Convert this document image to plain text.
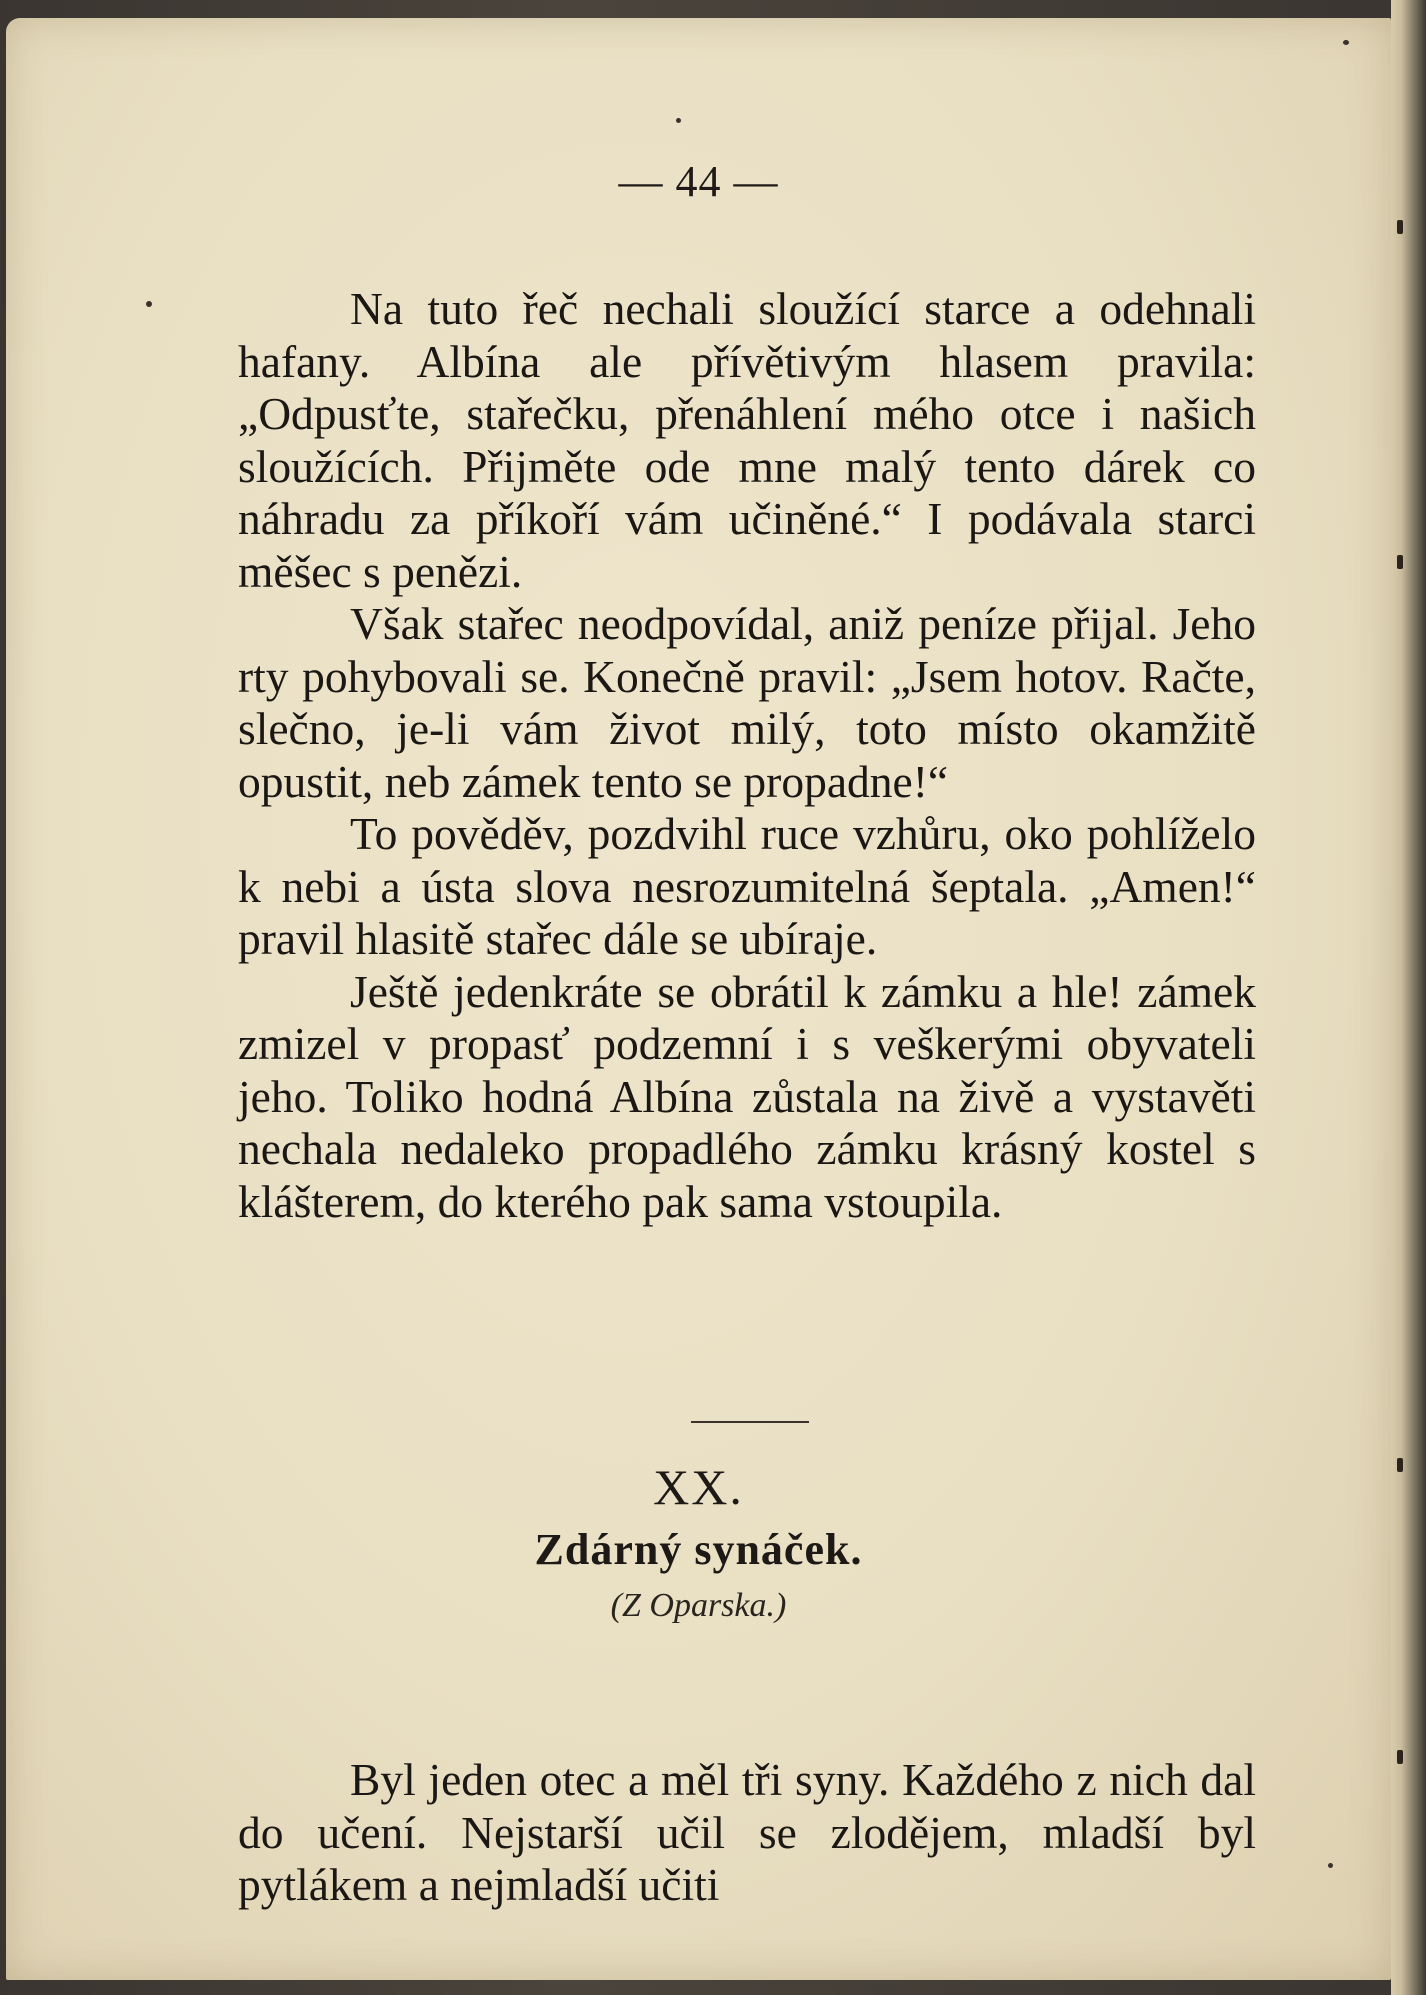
— 44 —

Na tuto řeč nechali sloužící starce a odehnali hafany. Albína ale přívětivým hlasem pravila: „Odpusťte, stařečku, přenáhlení mého otce i našich sloužících. Přijměte ode mne malý tento dárek co náhradu za příkoří vám učiněné.“ I podávala starci měšec s penězi.

Však stařec neodpovídal, aniž peníze přijal. Jeho rty pohybovali se. Konečně pravil: „Jsem hotov. Račte, slečno, je-li vám život milý, toto místo okamžitě opustit, neb zámek tento se propadne!“

To pověděv, pozdvihl ruce vzhůru, oko pohlíželo k nebi a ústa slova nesrozumitelná šeptala. „Amen!“ pravil hlasitě stařec dále se ubíraje.

Ještě jedenkráte se obrátil k zámku a hle! zámek zmizel v propasť podzemní i s veškerými obyvateli jeho. Toliko hodná Albína zůstala na živě a vystavěti nechala nedaleko propadlého zámku krásný kostel s klášterem, do kterého pak sama vstoupila.

XX.
Zdárný synáček.
(Z Oparska.)

Byl jeden otec a měl tři syny. Každého z nich dal do učení. Nejstarší učil se zlodějem, mladší byl pytlákem a nejmladší učiti
